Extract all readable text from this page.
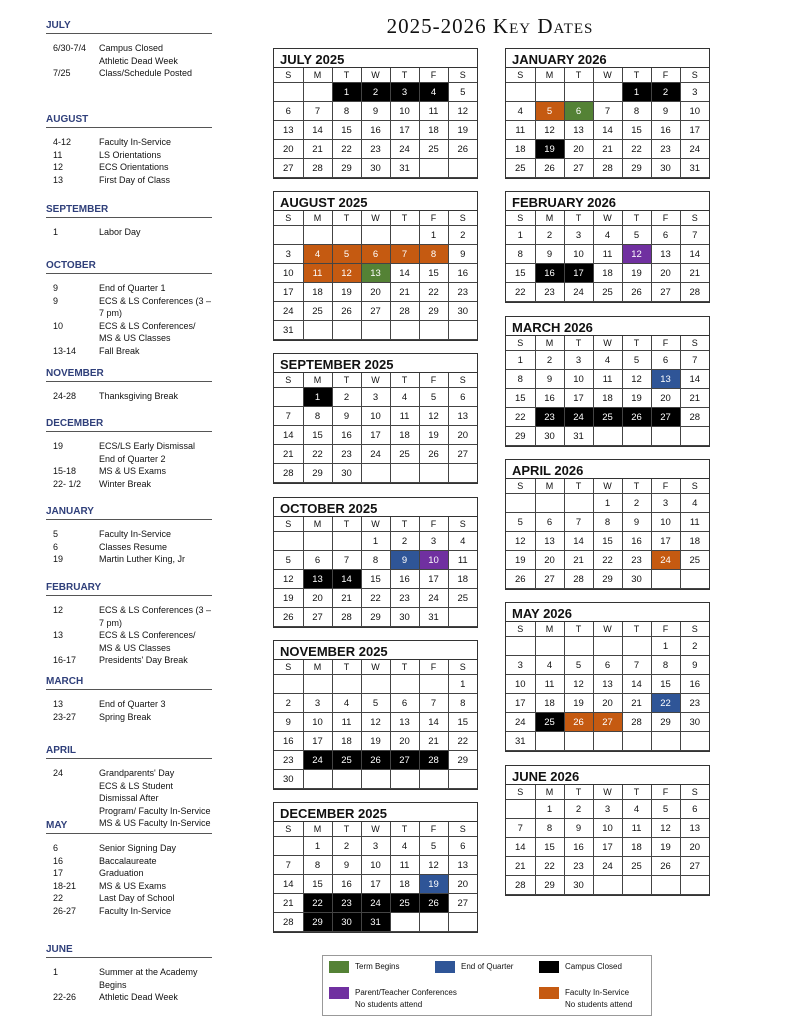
2025-2026 Key Dates
JULY
6/30-7/4 Campus Closed
Athletic Dead Week
7/25	Class/Schedule Posted
AUGUST
4-12	Faculty In-Service
11	LS Orientations
12	ECS Orientations
13	First Day of Class
SEPTEMBER
1	Labor Day
OCTOBER
9	End of Quarter 1
9	ECS & LS Conferences (3 – 7 pm)
10	ECS & LS Conferences/
MS & US Classes
13-14	Fall Break
NOVEMBER
24-28	Thanksgiving Break
DECEMBER
19	ECS/LS Early Dismissal
End of Quarter 2
15-18	MS & US Exams
22- 1/2 Winter Break
JANUARY
5	Faculty In-Service
6	Classes Resume
19	Martin Luther King, Jr
FEBRUARY
12	ECS & LS Conferences (3 – 7 pm)
13	ECS & LS Conferences/
MS & US Classes
16-17	Presidents' Day Break
MARCH
13	End of Quarter 3
23-27	Spring Break
APRIL
24	Grandparents' Day
ECS & LS Student Dismissal After
Program/ Faculty In-Service
MS & US Faculty In-Service
MAY
6	Senior Signing Day
16	Baccalaureate
17	Graduation
18-21	MS & US Exams
22	Last Day of School
26-27	Faculty In-Service
JUNE
1	Summer at the Academy Begins
22-26	Athletic Dead Week
JULY 2025
S	M	T	W	T	F	S
		1	2	3	4	5
6	7	8	9	10	11	12
13	14	15	16	17	18	19
20	21	22	23	24	25	26
27	28	29	30	31		
AUGUST 2025
S	M	T	W	T	F	S
					1	2
3	4	5	6	7	8	9
10	11	12	13	14	15	16
17	18	19	20	21	22	23
24	25	26	27	28	29	30
31						
SEPTEMBER 2025
S	M	T	W	T	F	S
	1	2	3	4	5	6
7	8	9	10	11	12	13
14	15	16	17	18	19	20
21	22	23	24	25	26	27
28	29	30				
OCTOBER 2025
S	M	T	W	T	F	S
			1	2	3	4
5	6	7	8	9	10	11
12	13	14	15	16	17	18
19	20	21	22	23	24	25
26	27	28	29	30	31	
NOVEMBER 2025
S	M	T	W	T	F	S
						1
2	3	4	5	6	7	8
9	10	11	12	13	14	15
16	17	18	19	20	21	22
23	24	25	26	27	28	29
30						
DECEMBER 2025
S	M	T	W	T	F	S
	1	2	3	4	5	6
7	8	9	10	11	12	13
14	15	16	17	18	19	20
21	22	23	24	25	26	27
28	29	30	31			
JANUARY 2026
S	M	T	W	T	F	S
				1	2	3
4	5	6	7	8	9	10
11	12	13	14	15	16	17
18	19	20	21	22	23	24
25	26	27	28	29	30	31
FEBRUARY 2026
S	M	T	W	T	F	S
1	2	3	4	5	6	7
8	9	10	11	12	13	14
15	16	17	18	19	20	21
22	23	24	25	26	27	28
MARCH 2026
S	M	T	W	T	F	S
1	2	3	4	5	6	7
8	9	10	11	12	13	14
15	16	17	18	19	20	21
22	23	24	25	26	27	28
29	30	31				
APRIL 2026
S	M	T	W	T	F	S
			1	2	3	4
5	6	7	8	9	10	11
12	13	14	15	16	17	18
19	20	21	22	23	24	25
26	27	28	29	30		
MAY 2026
S	M	T	W	T	F	S
					1	2
3	4	5	6	7	8	9
10	11	12	13	14	15	16
17	18	19	20	21	22	23
24	25	26	27	28	29	30
31						
JUNE 2026
S	M	T	W	T	F	S
	1	2	3	4	5	6
7	8	9	10	11	12	13
14	15	16	17	18	19	20
21	22	23	24	25	26	27
28	29	30				
Term Begins	End of Quarter	Campus Closed
Parent/Teacher Conferences
No students attend
Faculty In-Service
No students attend
